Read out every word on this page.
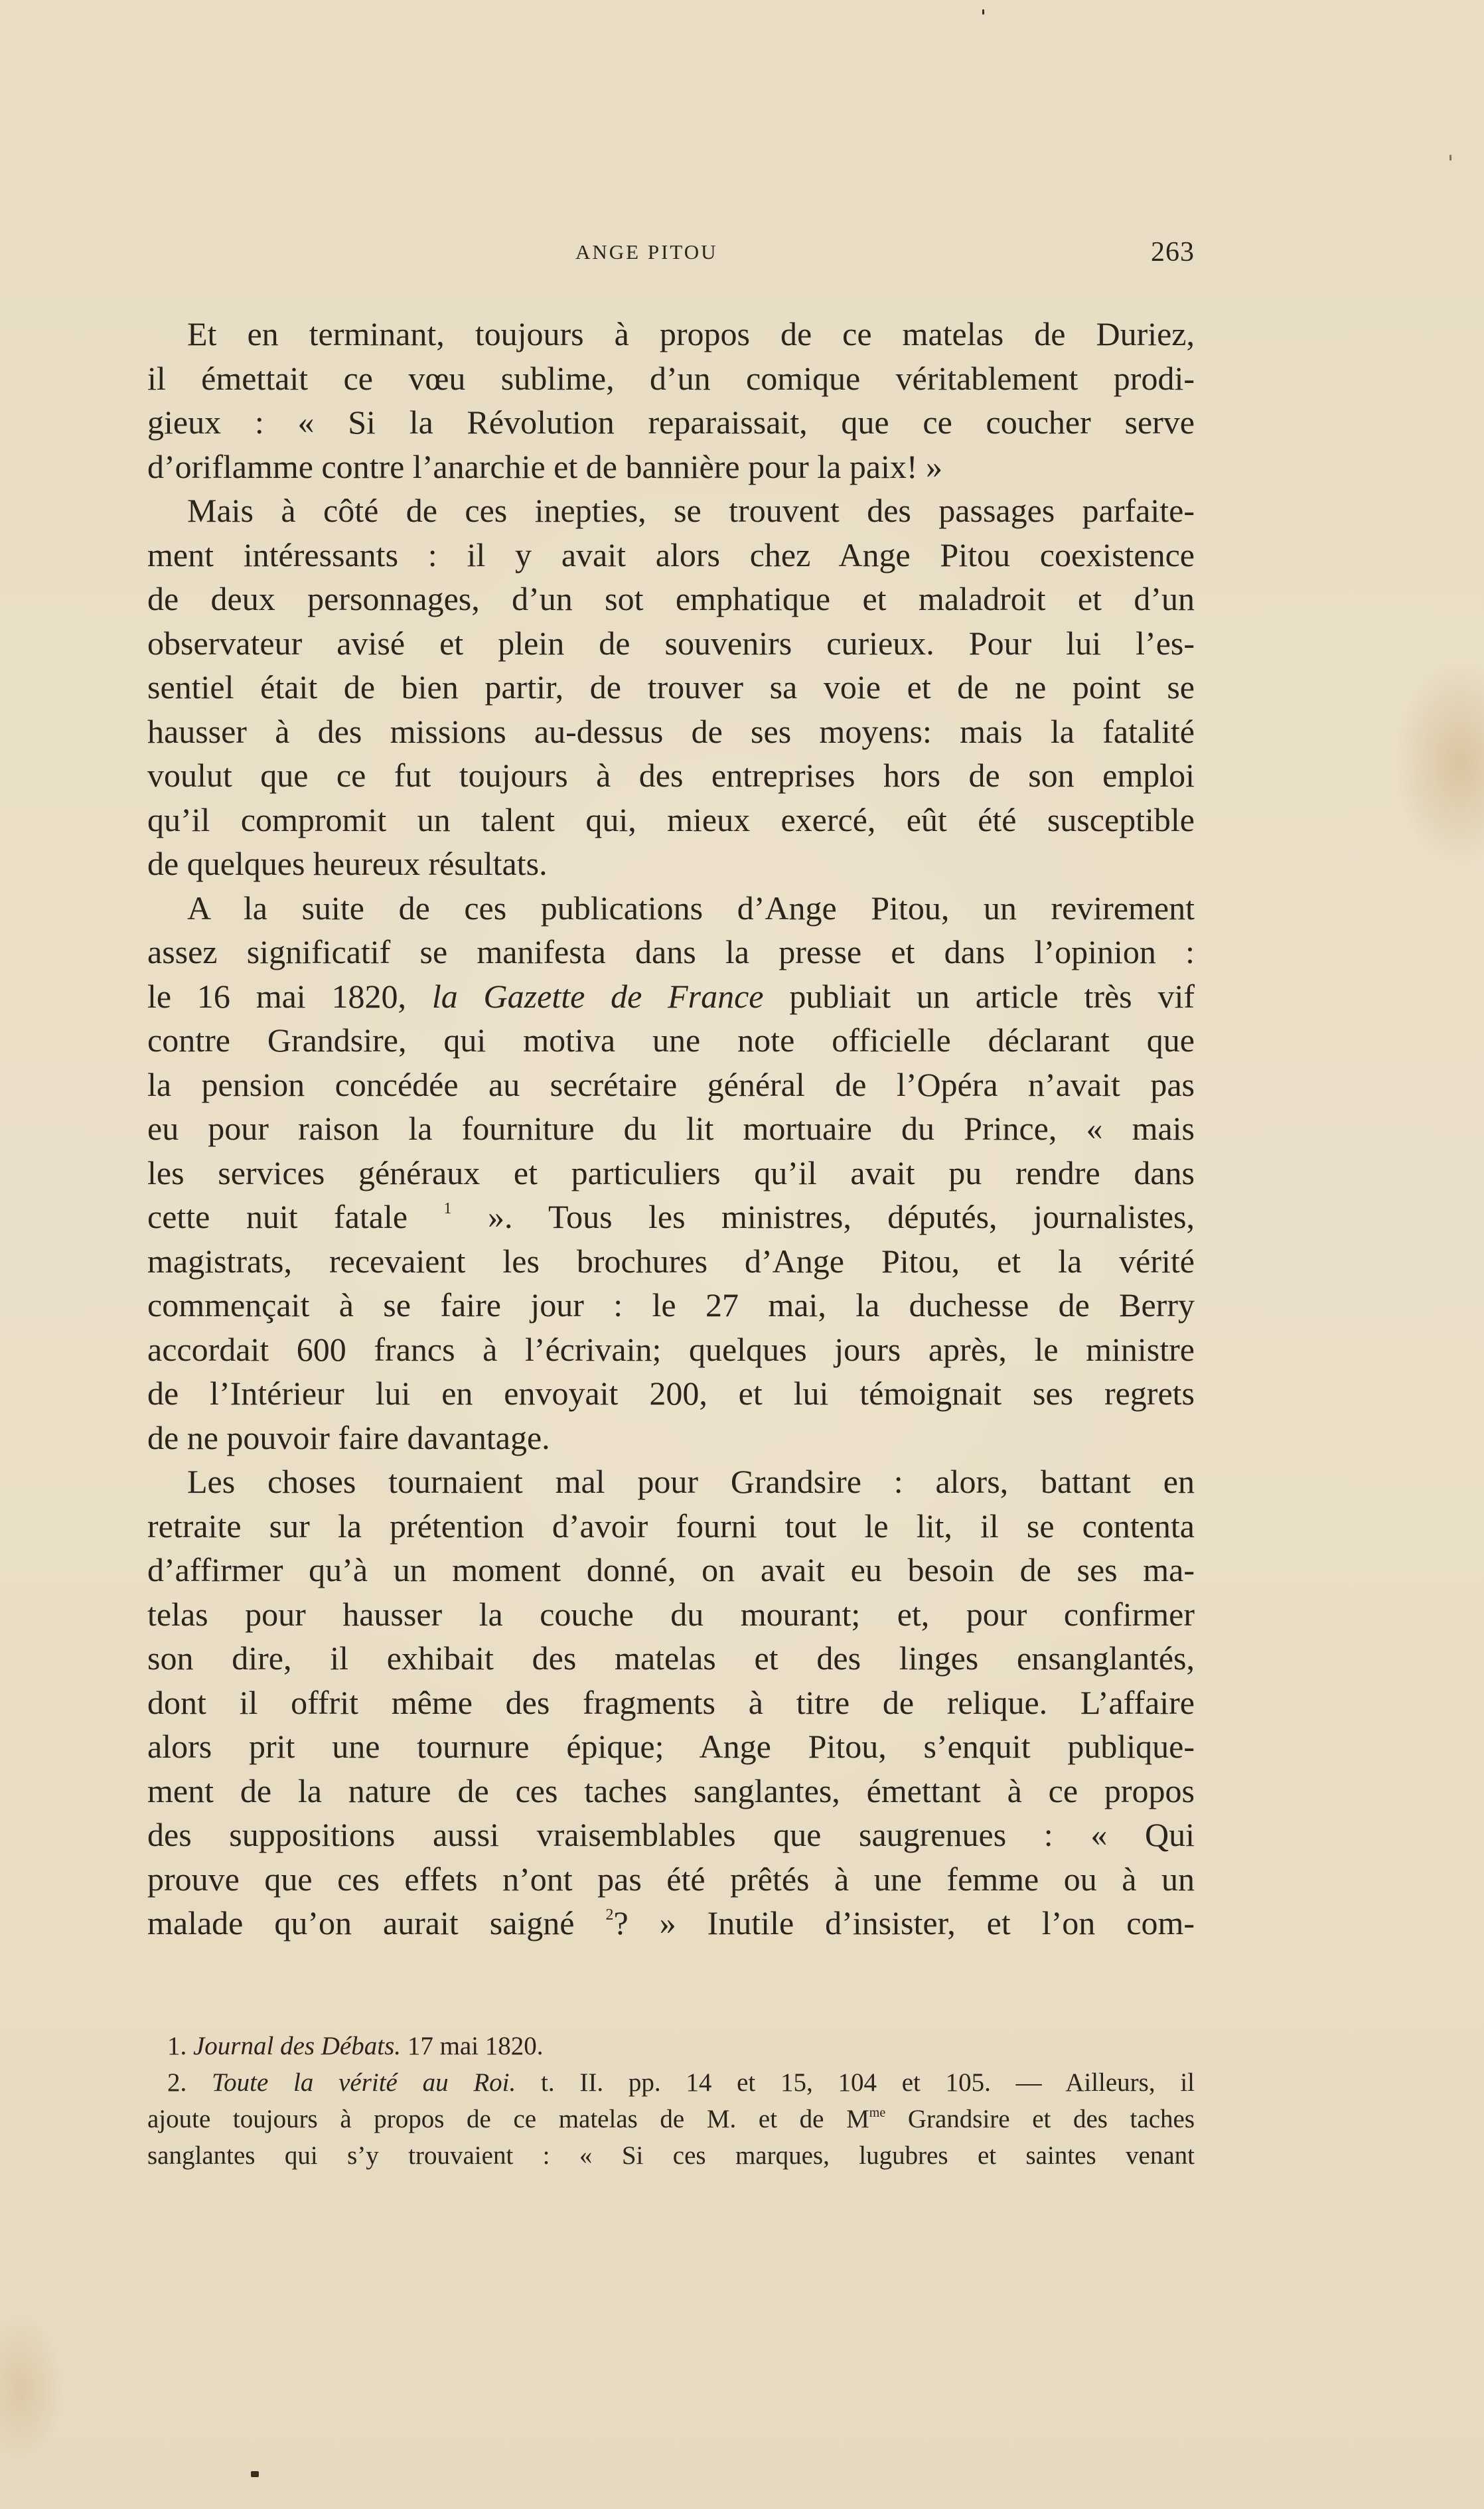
ANGE PITOU	263
Et en terminant, toujours à propos de ce matelas de Duriez,
il émettait ce vœu sublime, d’un comique véritablement prodi-
gieux : « Si la Révolution reparaissait, que ce coucher serve
d’oriflamme contre l’anarchie et de bannière pour la paix! »
Mais à côté de ces inepties, se trouvent des passages parfaite-
ment intéressants : il y avait alors chez Ange Pitou coexistence
de deux personnages, d’un sot emphatique et maladroit et d’un
observateur avisé et plein de souvenirs curieux. Pour lui l’es-
sentiel était de bien partir, de trouver sa voie et de ne point se
hausser à des missions au-dessus de ses moyens: mais la fatalité
voulut que ce fut toujours à des entreprises hors de son emploi
qu’il compromit un talent qui, mieux exercé, eût été susceptible
de quelques heureux résultats.
A la suite de ces publications d’Ange Pitou, un revirement
assez significatif se manifesta dans la presse et dans l’opinion :
le 16 mai 1820, la Gazette de France publiait un article très vif
contre Grandsire, qui motiva une note officielle déclarant que
la pension concédée au secrétaire général de l’Opéra n’avait pas
eu pour raison la fourniture du lit mortuaire du Prince, « mais
les services généraux et particuliers qu’il avait pu rendre dans
cette nuit fatale $^1$ ». Tous les ministres, députés, journalistes,
magistrats, recevaient les brochures d’Ange Pitou, et la vérité
commençait à se faire jour : le 27 mai, la duchesse de Berry
accordait 600 francs à l’écrivain; quelques jours après, le ministre
de l’Intérieur lui en envoyait 200, et lui témoignait ses regrets
de ne pouvoir faire davantage.
Les choses tournaient mal pour Grandsire : alors, battant en
retraite sur la prétention d’avoir fourni tout le lit, il se contenta
d’affirmer qu’à un moment donné, on avait eu besoin de ses ma-
telas pour hausser la couche du mourant; et, pour confirmer
son dire, il exhibait des matelas et des linges ensanglantés,
dont il offrit même des fragments à titre de relique. L’affaire
alors prit une tournure épique; Ange Pitou, s’enquit publique-
ment de la nature de ces taches sanglantes, émettant à ce propos
des suppositions aussi vraisemblables que saugrenues : « Qui
prouve que ces effets n’ont pas été prêtés à une femme ou à un
malade qu’on aurait saigné $^2$? » Inutile d’insister, et l’on com-
1. Journal des Débats. 17 mai 1820.
2. Toute la vérité au Roi. t. II. pp. 14 et 15, 104 et 105. — Ailleurs, il
ajoute toujours à propos de ce matelas de M. et de $M^{me}$ Grandsire et des taches
sanglantes qui s’y trouvaient : « Si ces marques, lugubres et saintes venant
